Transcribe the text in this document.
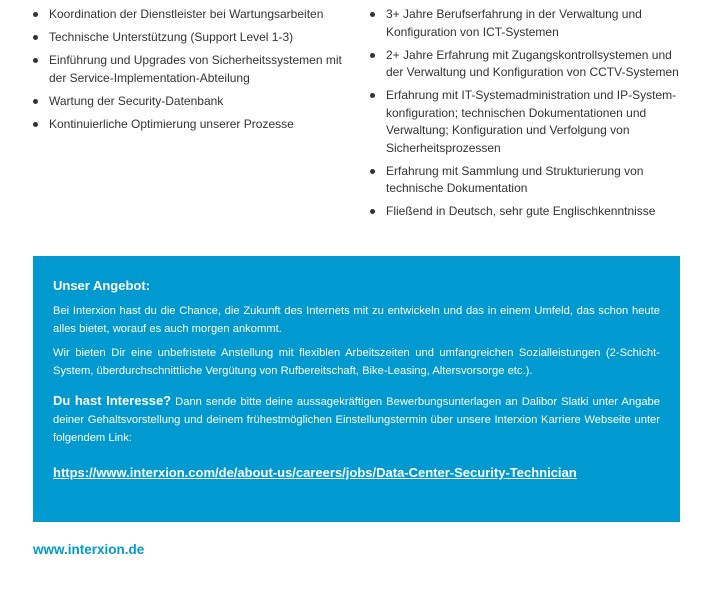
Koordination der Dienstleister bei Wartungsarbeiten
Technische Unterstützung (Support Level 1-3)
Einführung und Upgrades von Sicherheitssystemen mit der Service-Implementation-Abteilung
Wartung der Security-Datenbank
Kontinuierliche Optimierung unserer Prozesse
3+ Jahre Berufserfahrung in der Verwaltung und Konfiguration von ICT-Systemen
2+ Jahre Erfahrung mit Zugangskontrollsystemen und der Verwaltung und Konfiguration von CCTV-Systemen
Erfahrung mit IT-Systemadministration und IP-Systemkonfiguration; technischen Dokumentationen und Verwaltung; Konfiguration und Verfolgung von Sicherheitsprozessen
Erfahrung mit Sammlung und Strukturierung von technische Dokumentation
Fließend in Deutsch, sehr gute Englischkenntnisse
Unser Angebot:

Bei Interxion hast du die Chance, die Zukunft des Internets mit zu entwickeln und das in einem Umfeld, das schon heute alles bietet, worauf es auch morgen ankommt.

Wir bieten Dir eine unbefristete Anstellung mit flexiblen Arbeitszeiten und umfangreichen Sozialleistungen (2-Schicht-System, überdurchschnittliche Vergütung von Rufbereitschaft, Bike-Leasing, Altersvorsorge etc.).

Du hast Interesse? Dann sende bitte deine aussagekräftigen Bewerbungsunterlagen an Dalibor Slatki unter Angabe deiner Gehaltsvorstellung und deinem frühestmöglichen Einstellungstermin über unsere Interxion Karriere Webseite unter folgendem Link:

https://www.interxion.com/de/about-us/careers/jobs/Data-Center-Security-Technician
www.interxion.de
